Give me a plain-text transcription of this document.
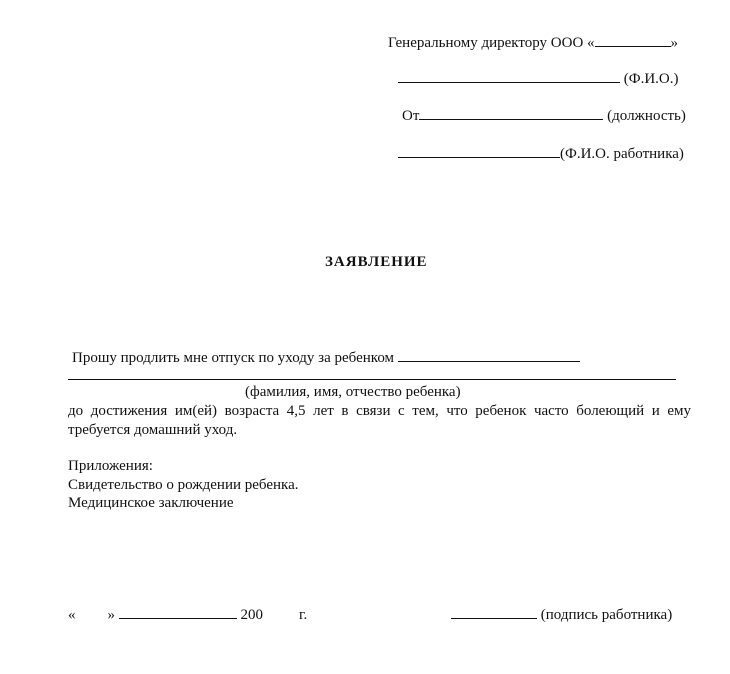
Генеральному директору ООО «	»
(Ф.И.О.)
От	(должность)
(Ф.И.О. работника)
ЗАЯВЛЕНИЕ
Прошу продлить мне отпуск по уходу за ребенком
(фамилия, имя, отчество ребенка)
до достижения им(ей) возраста 4,5 лет в связи с тем, что ребенок часто болеющий и ему
требуется домашний уход.
Приложения:
Свидетельство о рождении ребенка.
Медицинское заключение
« »	200 г.	(подпись работника)
